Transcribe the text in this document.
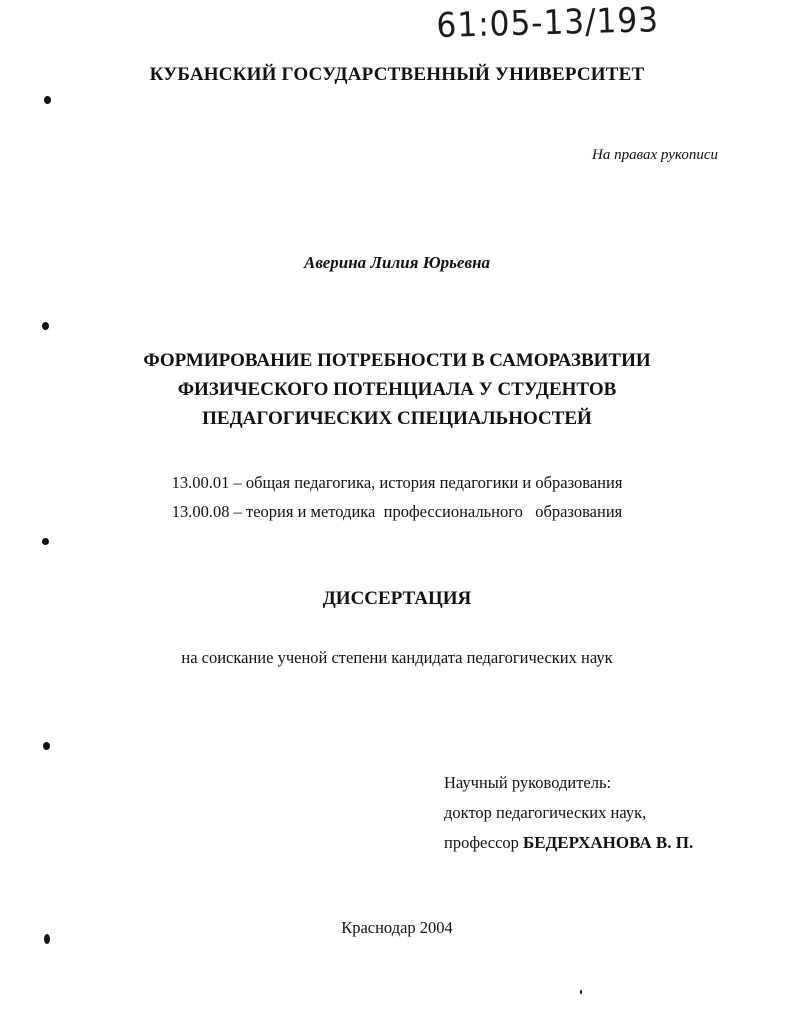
61:05-13/193
КУБАНСКИЙ ГОСУДАРСТВЕННЫЙ УНИВЕРСИТЕТ
На правах рукописи
Аверина Лилия Юрьевна
ФОРМИРОВАНИЕ ПОТРЕБНОСТИ В САМОРАЗВИТИИ
ФИЗИЧЕСКОГО ПОТЕНЦИАЛА У СТУДЕНТОВ
ПЕДАГОГИЧЕСКИХ СПЕЦИАЛЬНОСТЕЙ
13.00.01 – общая педагогика, история педагогики и образования
13.00.08 – теория и методика  профессионального   образования
ДИССЕРТАЦИЯ
на соискание ученой степени кандидата педагогических наук
Научный руководитель:
доктор педагогических наук,
профессор БЕДЕРХАНОВА В. П.
Краснодар 2004
